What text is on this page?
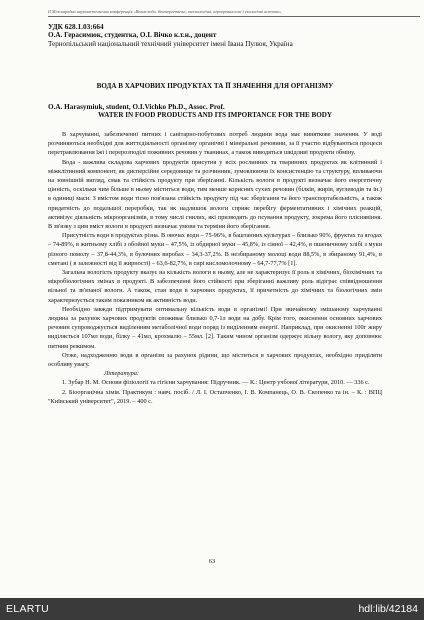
II Міжнародна наукова-технічна конференція «Вплив води, біоенергетичні, технологічні, агропромислові і екологічні аспекти»
УДК 628.1.03:664
О.А. Герасимюк, студентка, О.І. Вічко к.т.н., доцент
Тернопільський національний технічний університет імені Івана Пулюя, Україна
ВОДА В ХАРЧОВИХ ПРОДУКТАХ ТА ЇЇ ЗНАЧЕННЯ ДЛЯ ОРГАНІЗМУ
O.A. Harasymiuk, student, O.I.Vichko Ph.D., Assoc. Prof.
WATER IN FOOD PRODUCTS AND ITS IMPORTANCE FOR THE BODY

В харчуванні, забезпеченні питних і санітарно-побутових потреб людини вода має виняткове значення. У воді розчиняються необхідні для життєдіяльності організму органічні і мінеральні речовини, за її участю відбуваються процеси перетравлювання їжі і перерозподілі поживних речовин у тканинах, а також виводяться шкідливі продукти обміну.

Вода - важлива складова харчових продуктів присутня у всіх рослинних та тваринних продуктах як клітинний і міжклітинний компонент, як дисперсійне середовище та розчинник, зумовлюючи їх консистенцію та структуру, впливаючи на зовнішній вигляд, смак та стійкість продукту при зберіганні. Кількість вологи в продукті визначає його енергетичну цінність, оскільки чим більше в ньому міститься води, тим менше корисних сухих речовин (білків, жирів, вуглеводів та ін.) в одиниці маси. З вмістом води тісно пов'язана стійкість продукту під час зберігання та його транспортабельність, а також придатність до подальшої переробки, так як надлишок вологи сприяє перебігу ферментативних і хімічних реакцій, активізує діяльність мікроорганізмів, в тому числі гнилих, які призводять до псування продукту, зокрема його пліснявіння. В зв'язку з цим вміст вологи в продукті визначає умови та терміни його зберігання.

Присутність води в продуктах різна. В овочах води – 75-96%, в баштанних культурах – близько 90%, фруктах та ягодах – 74-89%, в житньому хлібі з обойної муки – 47,5%, із обдирної муки – 45,8%, із сіяної – 42,4%, в пшеничному хлібі з муки різного помолу – 37,8-44,3%, в булочних виробах – 34,3-37,2%. В незбираному молоці води 88,5%, в збираному 91,4%, в сметані ( в залежності від її жирності) – 63,6-82,7%, в сирі кисломолочному – 64,7-77,7% [1].

Загальна вологість продукту вказує на кількість вологи в ньому, але не характеризує її роль в хімічних, біохімічних та мікробіологічних змінах в продукті. В забезпеченні його стійкості при зберіганні важливу роль відіграє співвідношення вільної та зв'язаної вологи. А також, стан води в харчових продуктах, її причетність до хімічних та біологічних змін характеризується таким показником як активність води.

Необхідно завжди підтримувати оптимальну кількість води в організмі! При звичайному змішаному харчуванні людина за рахунок харчових продуктів споживає близько 0,7-1л води на добу. Крім того, окиснення основних харчових речовин супроводжується виділенням метаболічної води поряд із виділенням енергії. Наприклад, при окисненні 100г жиру виділяється 107мл води, білку – 41мл, крохмалю – 55мл. [2]. Таким чином організм одержує вільну вологу, яку доповнює питним режимом.

Отже, надходженню води в організм за рахунок рідини, що міститься в харчових продуктах, необхідно приділяти особливу увагу.

Література:

1. Зубар Н. М. Основи фізіології та гігієни харчування: Підручник. — К.: Центр учбової літератури, 2010. — 336 с.

2. Біоорганічна хімія. Практикум : навч. посіб. / Л. І. Остапченко, І. В. Компанець, О. В. Скопенко та ін. – К. : ВПЦ "Київський університет", 2019. – 400 с.

63
ELARTU	hdl:lib/42184
